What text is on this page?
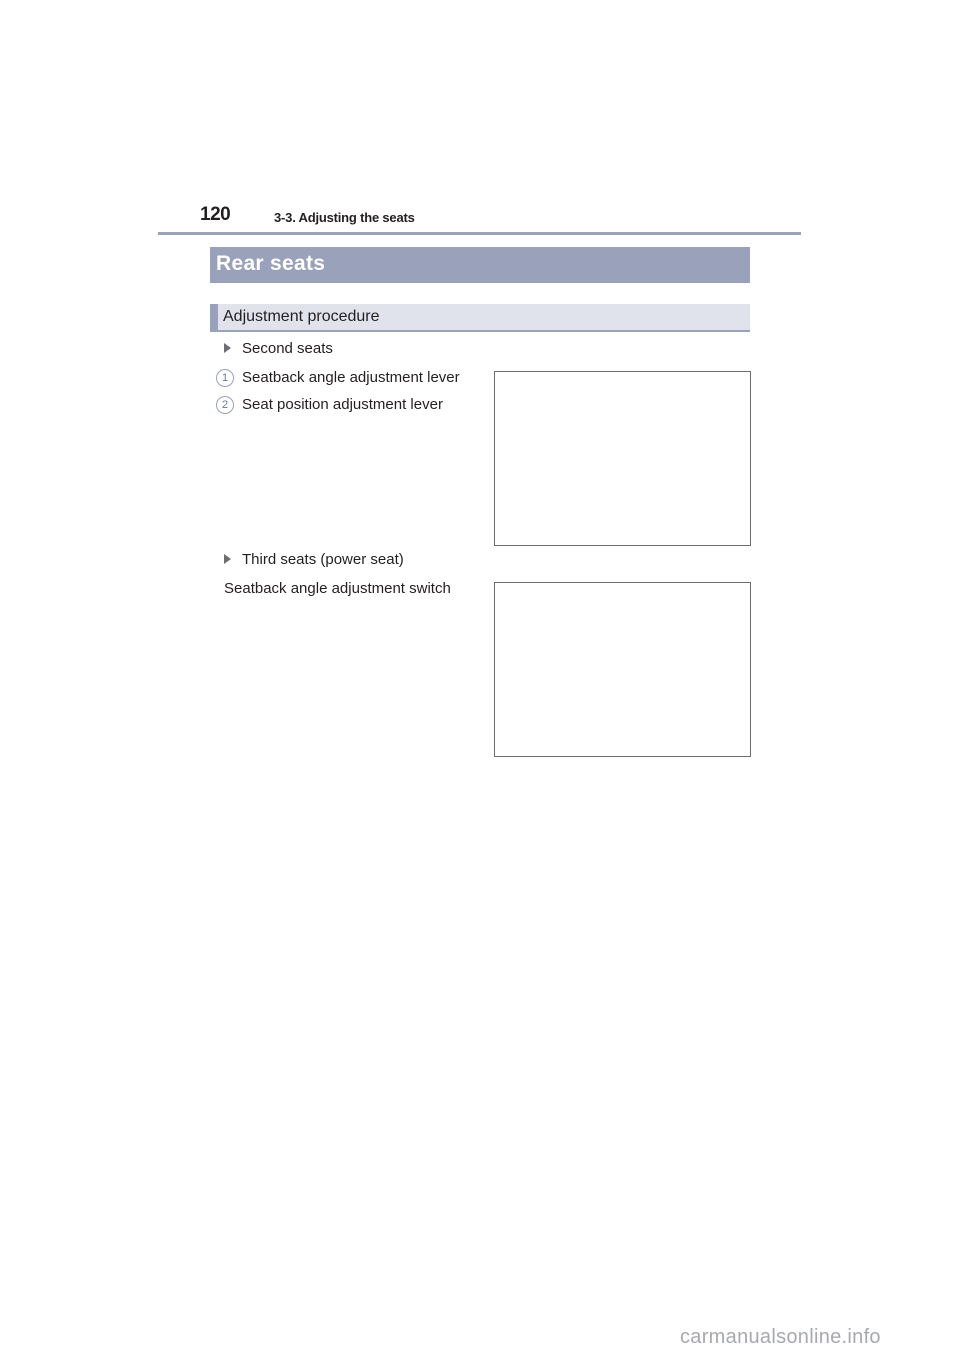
120	3-3. Adjusting the seats
Rear seats
Adjustment procedure
Second seats
1 Seatback angle adjustment lever
2 Seat position adjustment lever
Third seats (power seat)
Seatback angle adjustment switch
carmanualsonline.info
